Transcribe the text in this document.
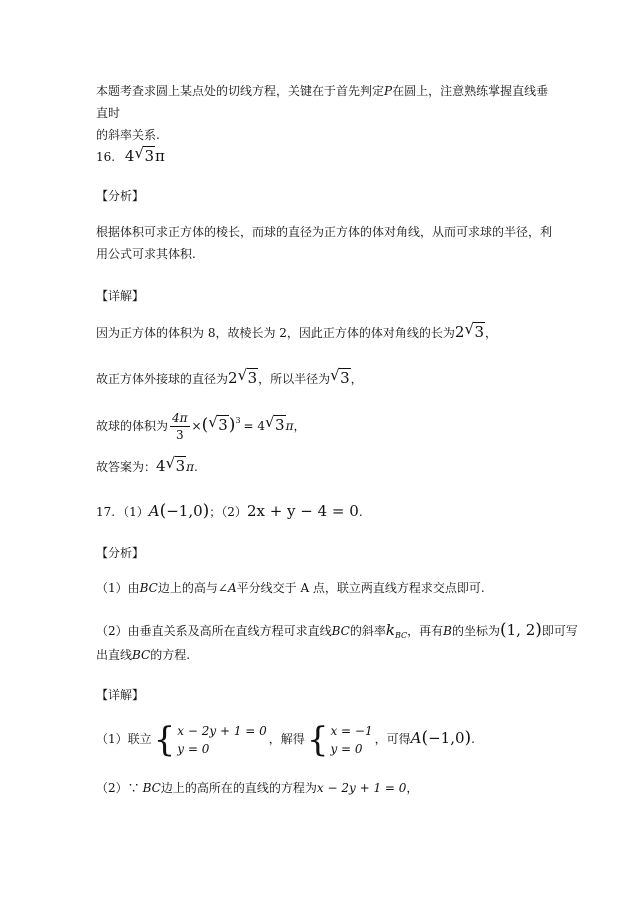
本题考查求圆上某点处的切线方程，关键在于首先判定P在圆上，注意熟练掌握直线垂直时
的斜率关系.
16. 4 √ 3π
【分析】
根据体积可求正方体的棱长，而球的直径为正方体的体对角线，从而可求球的半径，利用公式可求其体积.
【详解】
因为正方体的体积为 8，故棱长为 2，因此正方体的体对角线的长为2 √ 3，
故正方体外接球的直径为2 √ 3，所以半径为 √ 3，
故球的体积为 $\frac{4\pi}{3}$ ×( √ 3)$^3$ = 4 √ 3π，
故答案为：4 √ 3π.
17. （1）A(−1,0)；（2）2x + y − 4 = 0.
【分析】
（1）由BC边上的高与∠A平分线交于 A 点，联立两直线方程求交点即可.
（2）由垂直关系及高所在直线方程可求直线BC的斜率$k_{BC}$，再有B的坐标为(1, 2)即可写
出直线BC的方程.
【详解】
（1）联立 { x − 2y + 1 = 0
y = 0
，解得 { x = −1
y = 0
，可得A(−1,0).
（2）∵ BC边上的高所在的直线的方程为x − 2y + 1 = 0，
